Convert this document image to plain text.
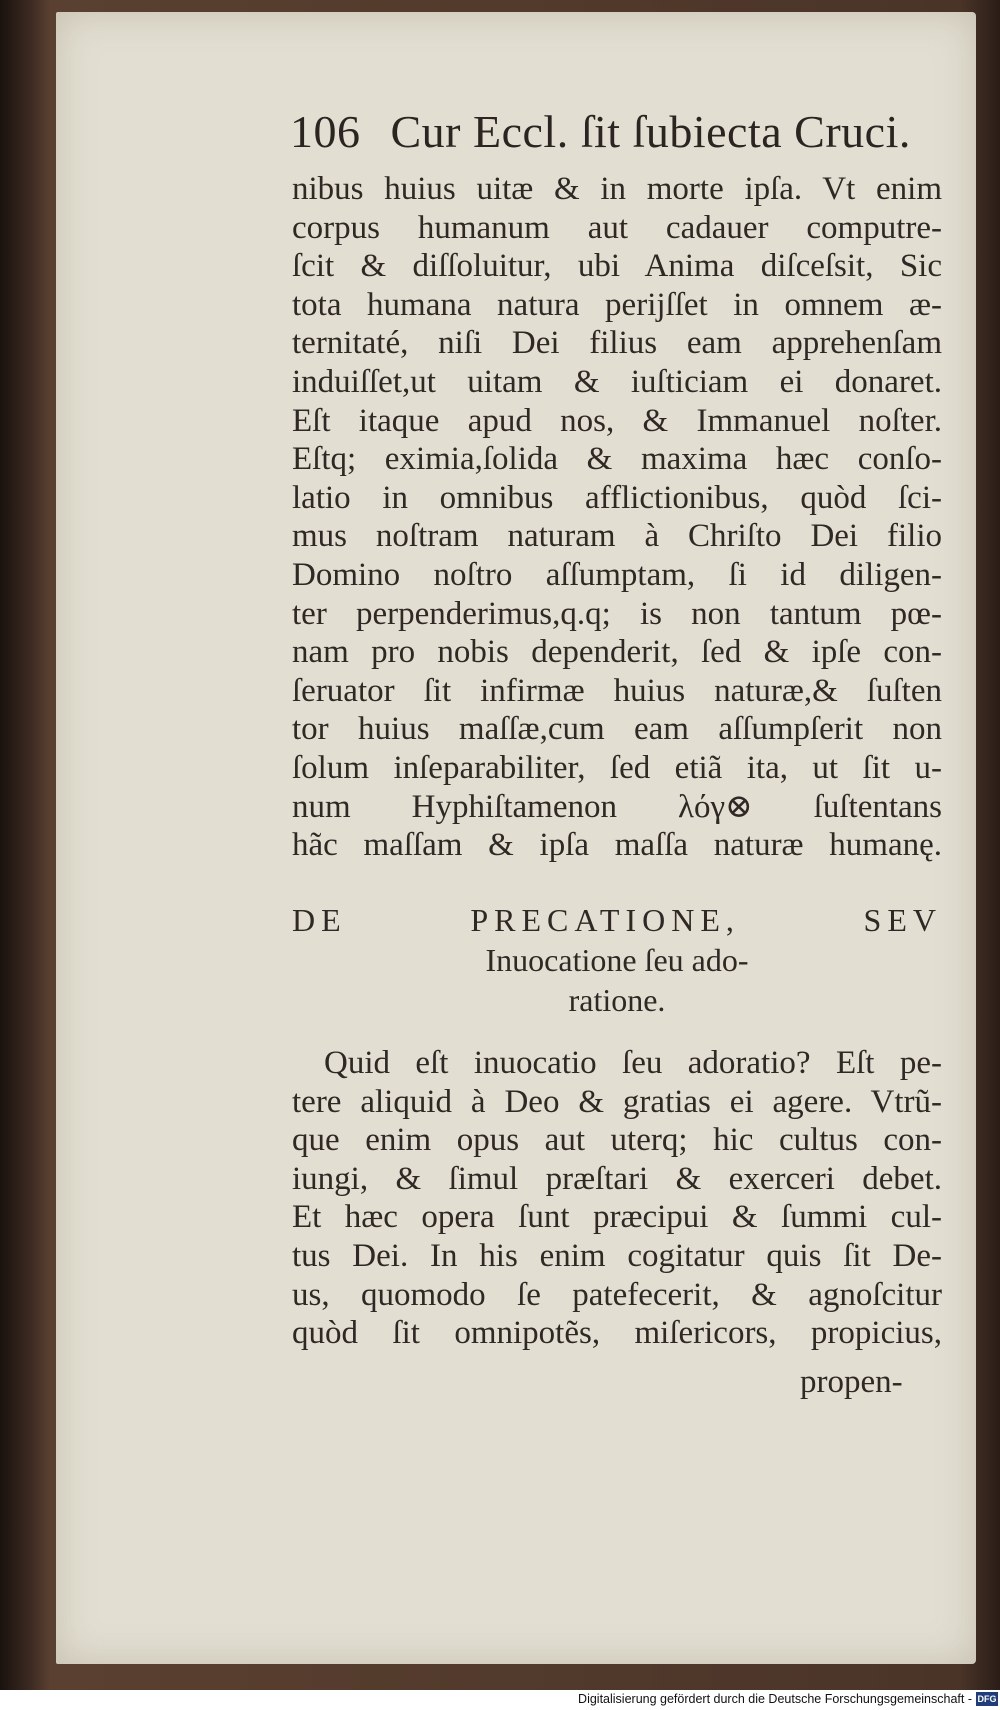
106 Cur Eccl. ſit ſubiecta Cruci.
nibus huius uitæ & in morte ipſa. Vt enim
corpus humanum aut cadauer computre-
ſcit & diſſoluitur, ubi Anima diſceſsit, Sic
tota humana natura perijſſet in omnem æ-
ternitaté, niſi Dei filius eam apprehenſam
induiſſet,ut uitam & iuſticiam ei donaret.
Eſt itaque apud nos, & Immanuel noſter.
Eſtq; eximia,ſolida & maxima hæc conſo-
latio in omnibus afflictionibus, quòd ſci-
mus noſtram naturam à Chriſto Dei filio
Domino noſtro aſſumptam, ſi id diligen-
ter perpenderimus,q.q; is non tantum pœ-
nam pro nobis dependerit, ſed & ipſe con-
ſeruator ſit infirmæ huius naturæ,& ſuſten
tor huius maſſæ,cum eam aſſumpſerit non
ſolum inſeparabiliter, ſed etiã ita, ut ſit u-
num Hyphiſtamenon λόγ⊗ ſuſtentans
hãc maſſam & ipſa maſſa naturæ humanę.
DE PRECATIONE, SEV
Inuocatione ſeu ado-
ratione.
Quid eſt inuocatio ſeu adoratio? Eſt pe-
tere aliquid à Deo & gratias ei agere. Vtrũ-
que enim opus aut uterq; hic cultus con-
iungi, & ſimul præſtari & exerceri debet.
Et hæc opera ſunt præcipui & ſummi cul-
tus Dei. In his enim cogitatur quis ſit De-
us, quomodo ſe patefecerit, & agnoſcitur
quòd ſit omnipotẽs, miſericors, propicius,
propen-
Digitalisierung gefördert durch die Deutsche Forschungsgemeinschaft - DFG
